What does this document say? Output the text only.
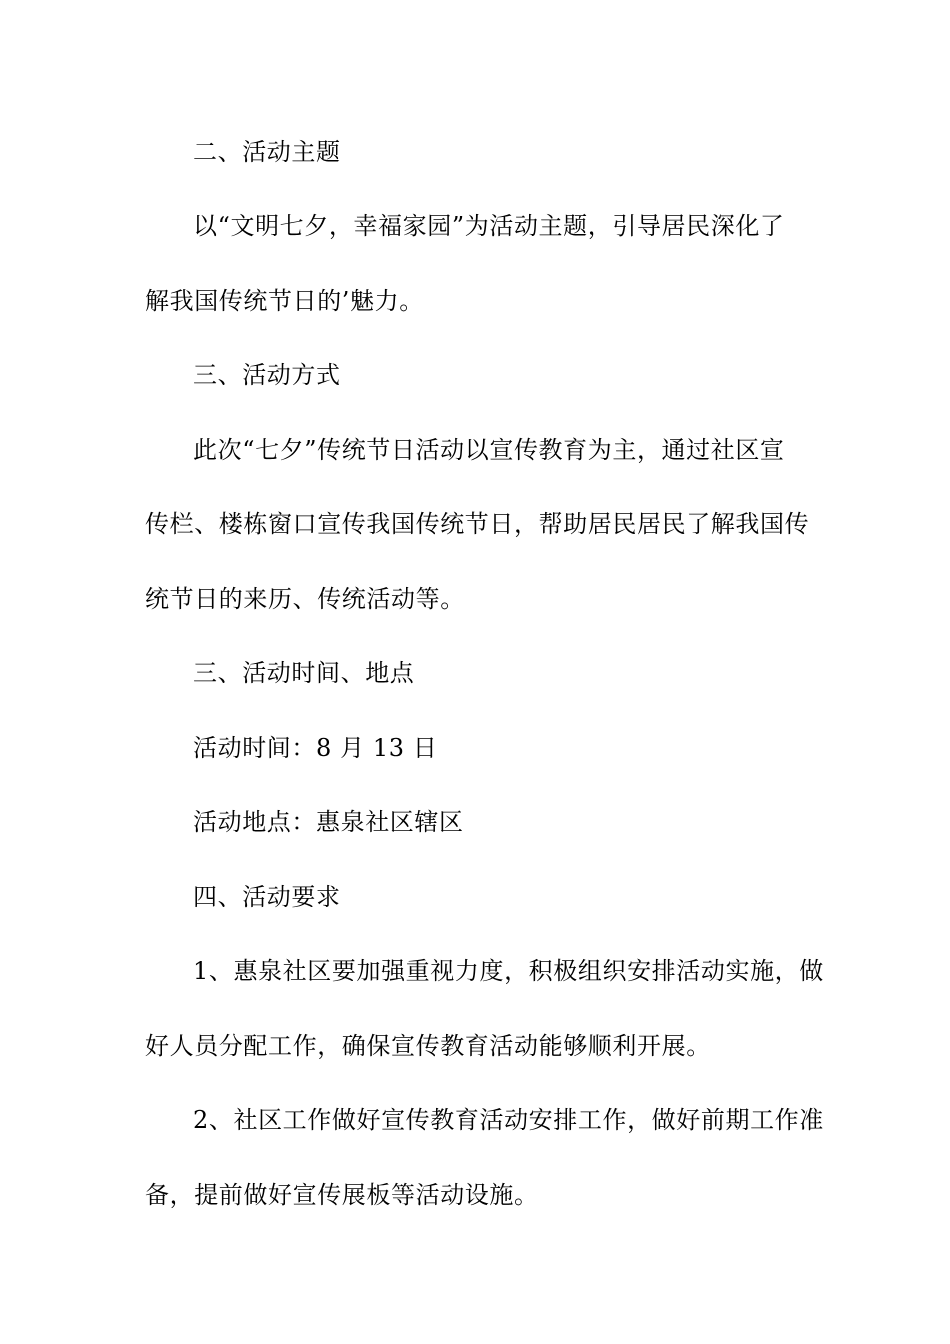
二、活动主题
以“文明七夕，幸福家园”为活动主题，引导居民深化了
解我国传统节日的’魅力。
三、活动方式
此次“七夕”传统节日活动以宣传教育为主，通过社区宣
传栏、楼栋窗口宣传我国传统节日，帮助居民居民了解我国传
统节日的来历、传统活动等。
三、活动时间、地点
活动时间：8 月 13 日
活动地点：惠泉社区辖区
四、活动要求
1、惠泉社区要加强重视力度，积极组织安排活动实施，做
好人员分配工作，确保宣传教育活动能够顺利开展。
2、社区工作做好宣传教育活动安排工作，做好前期工作准
备，提前做好宣传展板等活动设施。
